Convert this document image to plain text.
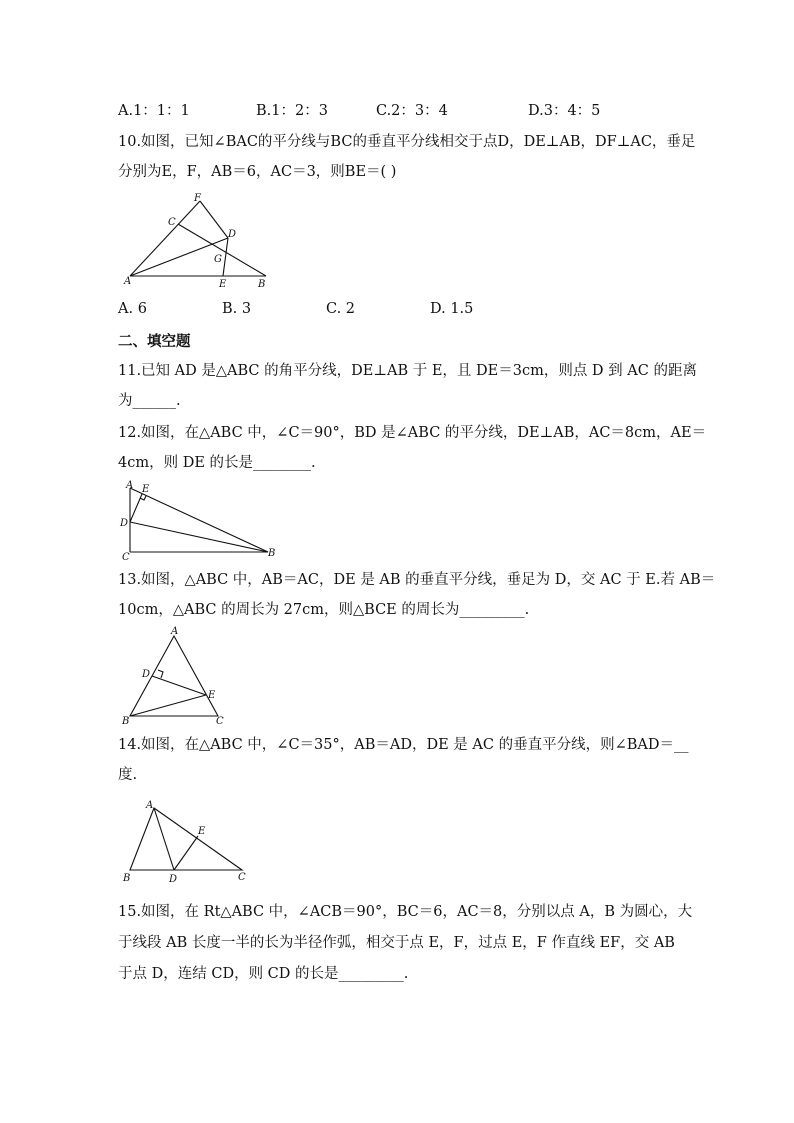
A.1：1：1	B.1：2：3	C.2：3：4	D.3：4：5
10.如图，已知∠BAC的平分线与BC的垂直平分线相交于点D，DE⊥AB，DF⊥AC，垂足
分别为E，F，AB＝6，AC＝3，则BE＝( )
F
C
D
G
A	E	B
A. 6	B. 3	C. 2	D. 1.5
二、填空题
11.已知 AD 是△ABC 的角平分线，DE⊥AB 于 E，且 DE＝3cm，则点 D 到 AC 的距离
为______.
12.如图，在△ABC 中，∠C＝90°，BD 是∠ABC 的平分线，DE⊥AB，AC＝8cm，AE＝
4cm，则 DE 的长是________.
A E
D
C	B
13.如图，△ABC 中，AB＝AC，DE 是 AB 的垂直平分线，垂足为 D，交 AC 于 E.若 AB＝
10cm，△ABC 的周长为 27cm，则△BCE 的周长为_________.
A
D
E
B	C
14.如图，在△ABC 中，∠C＝35°，AB＝AD，DE 是 AC 的垂直平分线，则∠BAD＝__
度.
A
E
B	D	C
15.如图，在 Rt△ABC 中，∠ACB＝90°，BC＝6，AC＝8，分别以点 A，B 为圆心，大
于线段 AB 长度一半的长为半径作弧，相交于点 E，F，过点 E，F 作直线 EF，交 AB
于点 D，连结 CD，则 CD 的长是_________.
